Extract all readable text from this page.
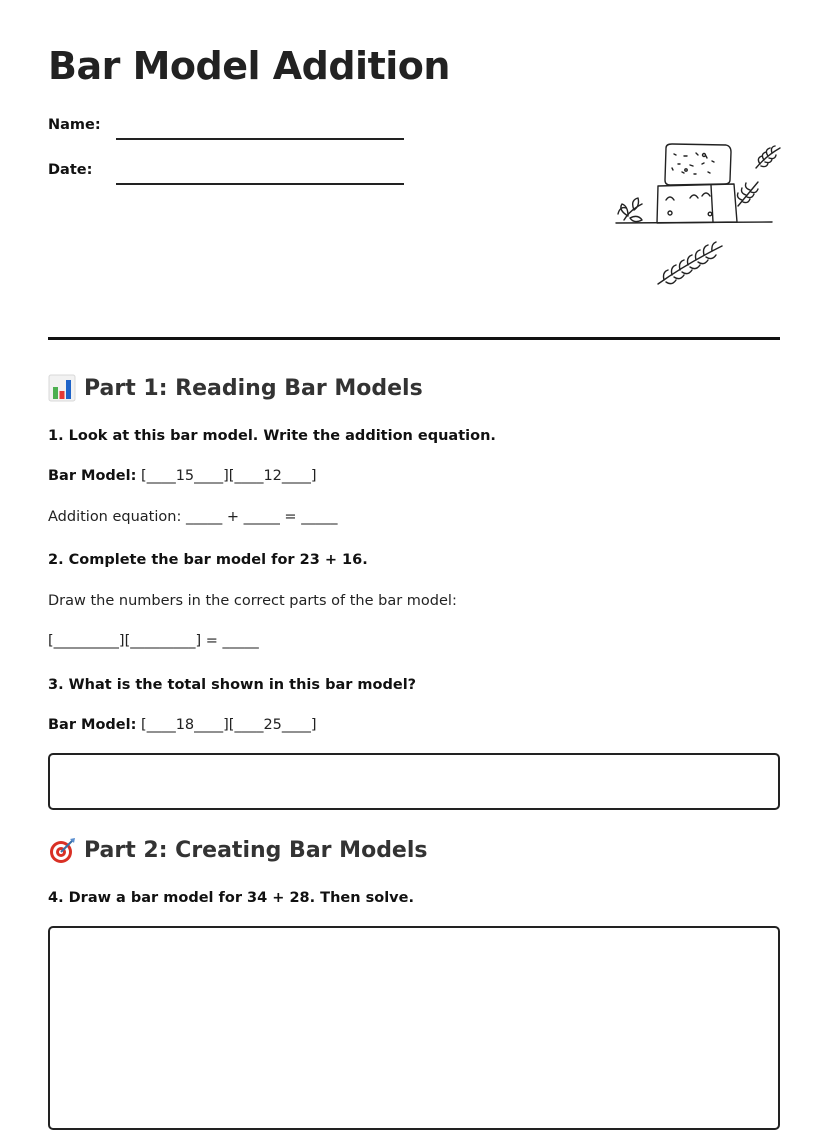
Bar Model Addition
Name:
Date:
Part 1: Reading Bar Models
1. Look at this bar model. Write the addition equation.
Bar Model: [____15____][____12____]
Addition equation: _____ + _____ = _____
2. Complete the bar model for 23 + 16.
Draw the numbers in the correct parts of the bar model:
[_________][_________] = _____
3. What is the total shown in this bar model?
Bar Model: [____18____][____25____]
Part 2: Creating Bar Models
4. Draw a bar model for 34 + 28. Then solve.
